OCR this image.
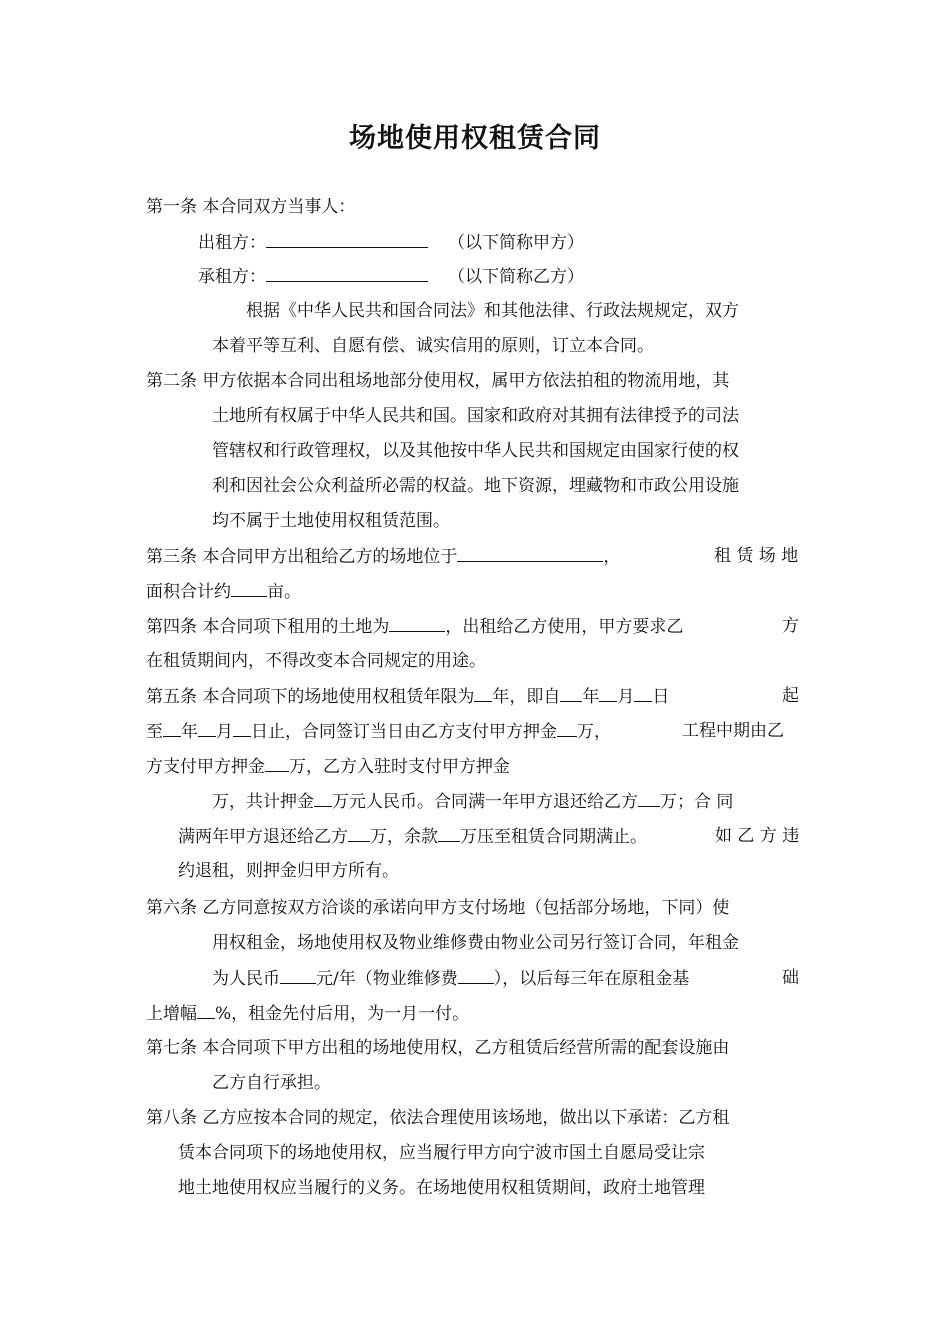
场地使用权租赁合同
第一条 本合同双方当事人：
出租方：	（以下简称甲方）
承租方：	（以下简称乙方）
根据《中华人民共和国合同法》和其他法律、行政法规规定，双方
本着平等互利、自愿有偿、诚实信用的原则，订立本合同。
第二条 甲方依据本合同出租场地部分使用权，属甲方依法拍租的物流用地，其
土地所有权属于中华人民共和国。国家和政府对其拥有法律授予的司法
管辖权和行政管理权，以及其他按中华人民共和国规定由国家行使的权
利和因社会公众利益所必需的权益。地下资源，埋藏物和市政公用设施
均不属于土地使用权租赁范围。
第三条 本合同甲方出租给乙方的场地位于	，	租 赁 场 地
面积合计约 亩。
第四条 本合同项下租用的土地为	，出租给乙方使用，甲方要求乙	方
在租赁期间内，不得改变本合同规定的用途。
第五条 本合同项下的场地使用权租赁年限为 年，即自 年 月 日	起
至 年 月 日止，合同签订当日由乙方支付甲方押金 万，	工程中期由乙
方支付甲方押金 万，乙方入驻时支付甲方押金
万，共计押金 万元人民币。合同满一年甲方退还给乙方 万；合 同
满两年甲方退还给乙方 万，余款 万压至租赁合同期满止。	如 乙 方 违
约退租，则押金归甲方所有。
第六条 乙方同意按双方洽谈的承诺向甲方支付场地（包括部分场地，下同）使
用权租金，场地使用权及物业维修费由物业公司另行签订合同，年租金
为人民币 元/年（物业维修费 ），以后每三年在原租金基	础
上增幅 %，租金先付后用，为一月一付。
第七条 本合同项下甲方出租的场地使用权，乙方租赁后经营所需的配套设施由
乙方自行承担。
第八条 乙方应按本合同的规定，依法合理使用该场地，做出以下承诺：乙方租
赁本合同项下的场地使用权，应当履行甲方向宁波市国土自愿局受让宗
地土地使用权应当履行的义务。在场地使用权租赁期间，政府土地管理
